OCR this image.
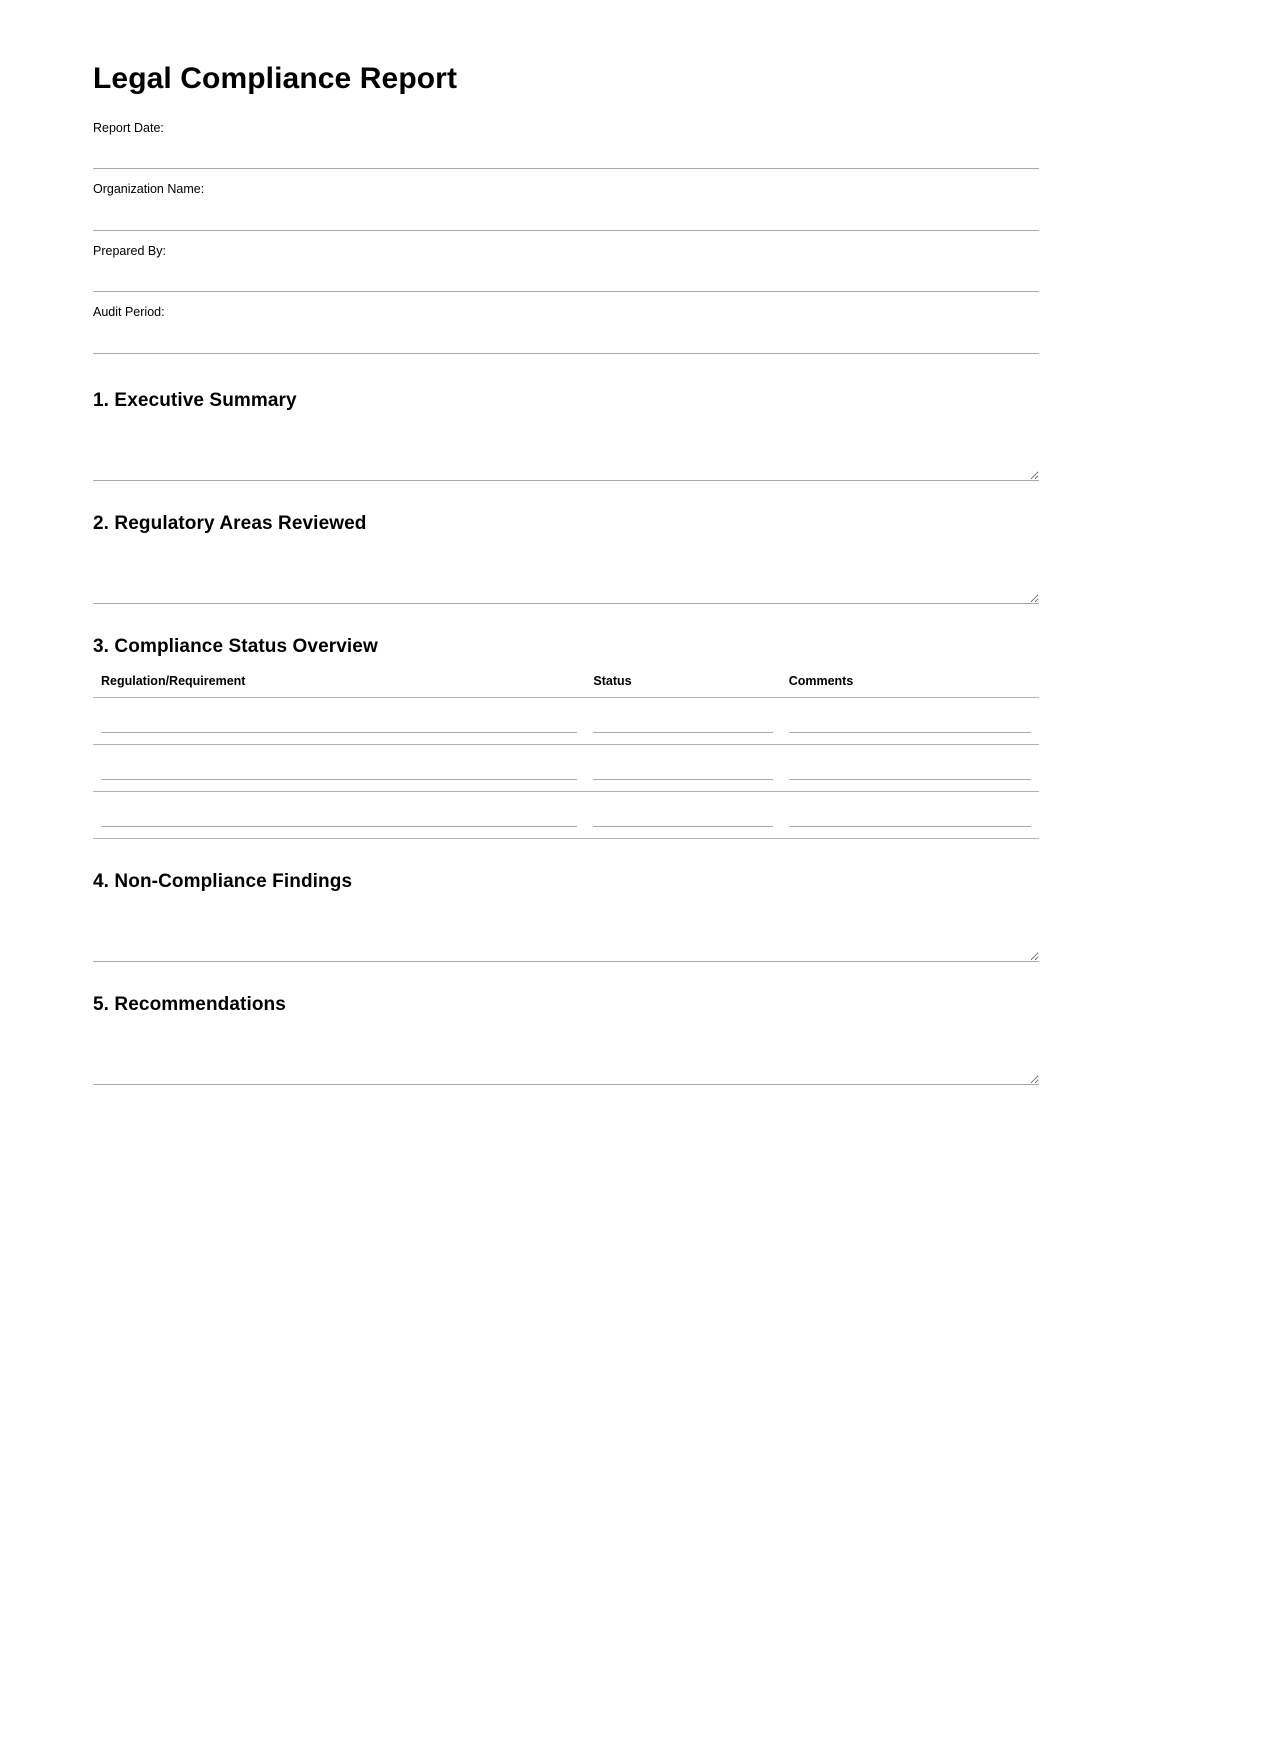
Legal Compliance Report
Report Date:
Organization Name:
Prepared By:
Audit Period:
1. Executive Summary
2. Regulatory Areas Reviewed
3. Compliance Status Overview
Regulation/Requirement	Status	Comments

4. Non-Compliance Findings
5. Recommendations
